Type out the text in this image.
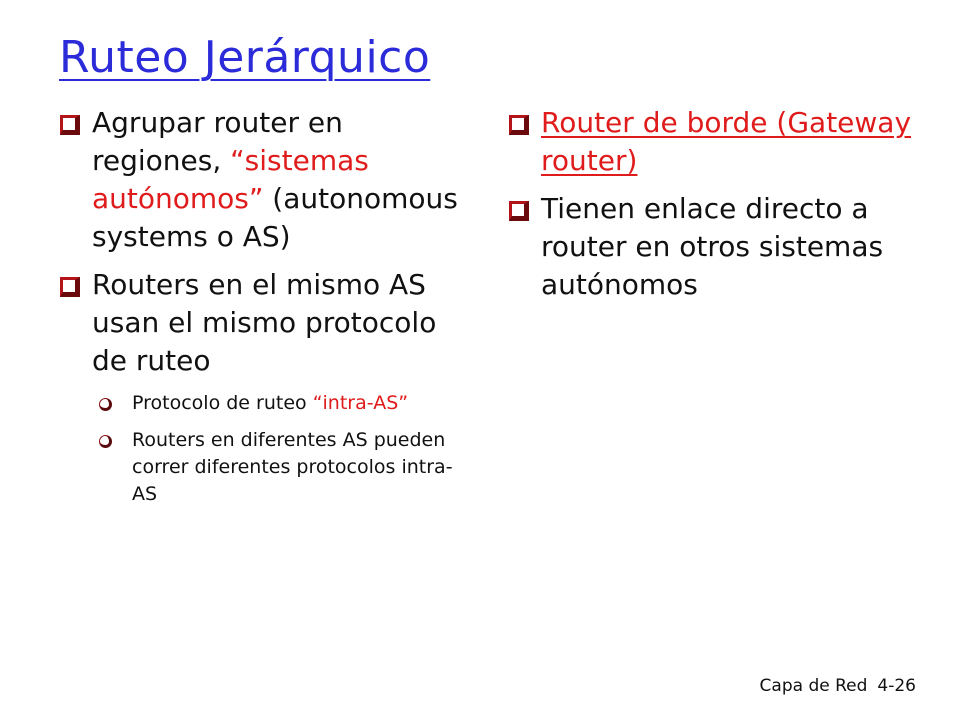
Ruteo Jerárquico
Agrupar router en regiones, “sistemas autónomos” (autonomous systems o AS)
Routers en el mismo AS usan el mismo protocolo de ruteo
Protocolo de ruteo “intra-AS”
Routers en diferentes AS pueden correr diferentes protocolos intra-AS
Router de borde (Gateway router)
Tienen enlace directo a router en otros sistemas autónomos
Capa de Red 4-26
